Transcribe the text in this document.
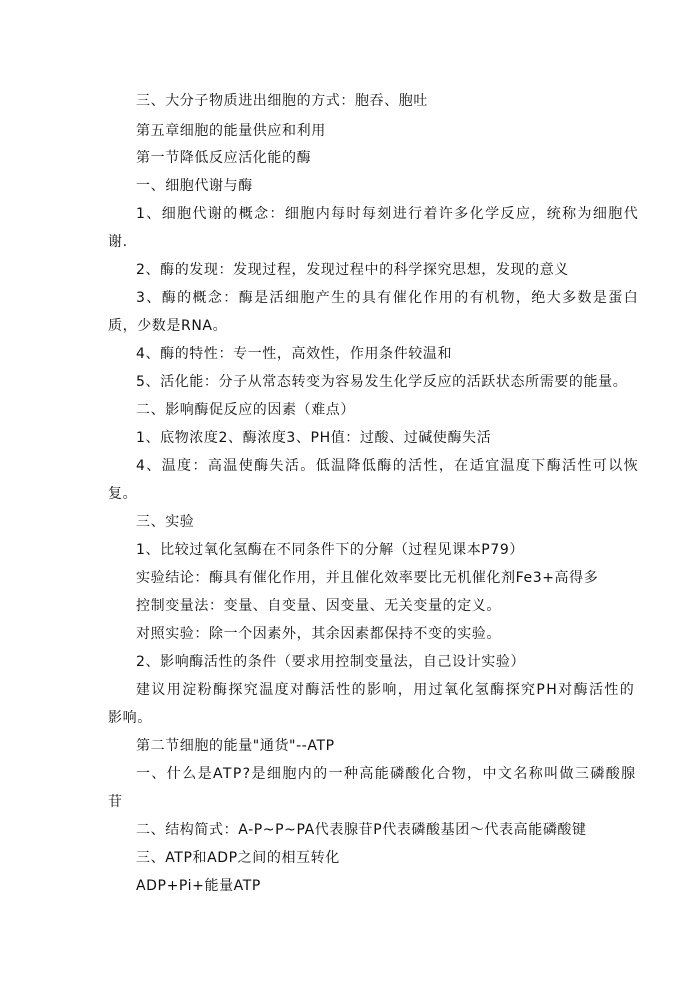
三、大分子物质进出细胞的方式：胞吞、胞吐
第五章细胞的能量供应和利用
第一节降低反应活化能的酶
一、细胞代谢与酶
1、细胞代谢的概念：细胞内每时每刻进行着许多化学反应，统称为细胞代
谢.
2、酶的发现：发现过程，发现过程中的科学探究思想，发现的意义
3、酶的概念：酶是活细胞产生的具有催化作用的有机物，绝大多数是蛋白
质，少数是RNA。
4、酶的特性：专一性，高效性，作用条件较温和
5、活化能：分子从常态转变为容易发生化学反应的活跃状态所需要的能量。
二、影响酶促反应的因素（难点）
1、底物浓度2、酶浓度3、PH值：过酸、过碱使酶失活
4、温度：高温使酶失活。低温降低酶的活性，在适宜温度下酶活性可以恢
复。
三、实验
1、比较过氧化氢酶在不同条件下的分解（过程见课本P79）
实验结论：酶具有催化作用，并且催化效率要比无机催化剂Fe3+高得多
控制变量法：变量、自变量、因变量、无关变量的定义。
对照实验：除一个因素外，其余因素都保持不变的实验。
2、影响酶活性的条件（要求用控制变量法，自己设计实验）
建议用淀粉酶探究温度对酶活性的影响，用过氧化氢酶探究PH对酶活性的
影响。
第二节细胞的能量"通货"--ATP
一、什么是ATP?是细胞内的一种高能磷酸化合物，中文名称叫做三磷酸腺
苷
二、结构简式：A-P~P~PA代表腺苷P代表磷酸基团～代表高能磷酸键
三、ATP和ADP之间的相互转化
ADP+Pi+能量ATP
